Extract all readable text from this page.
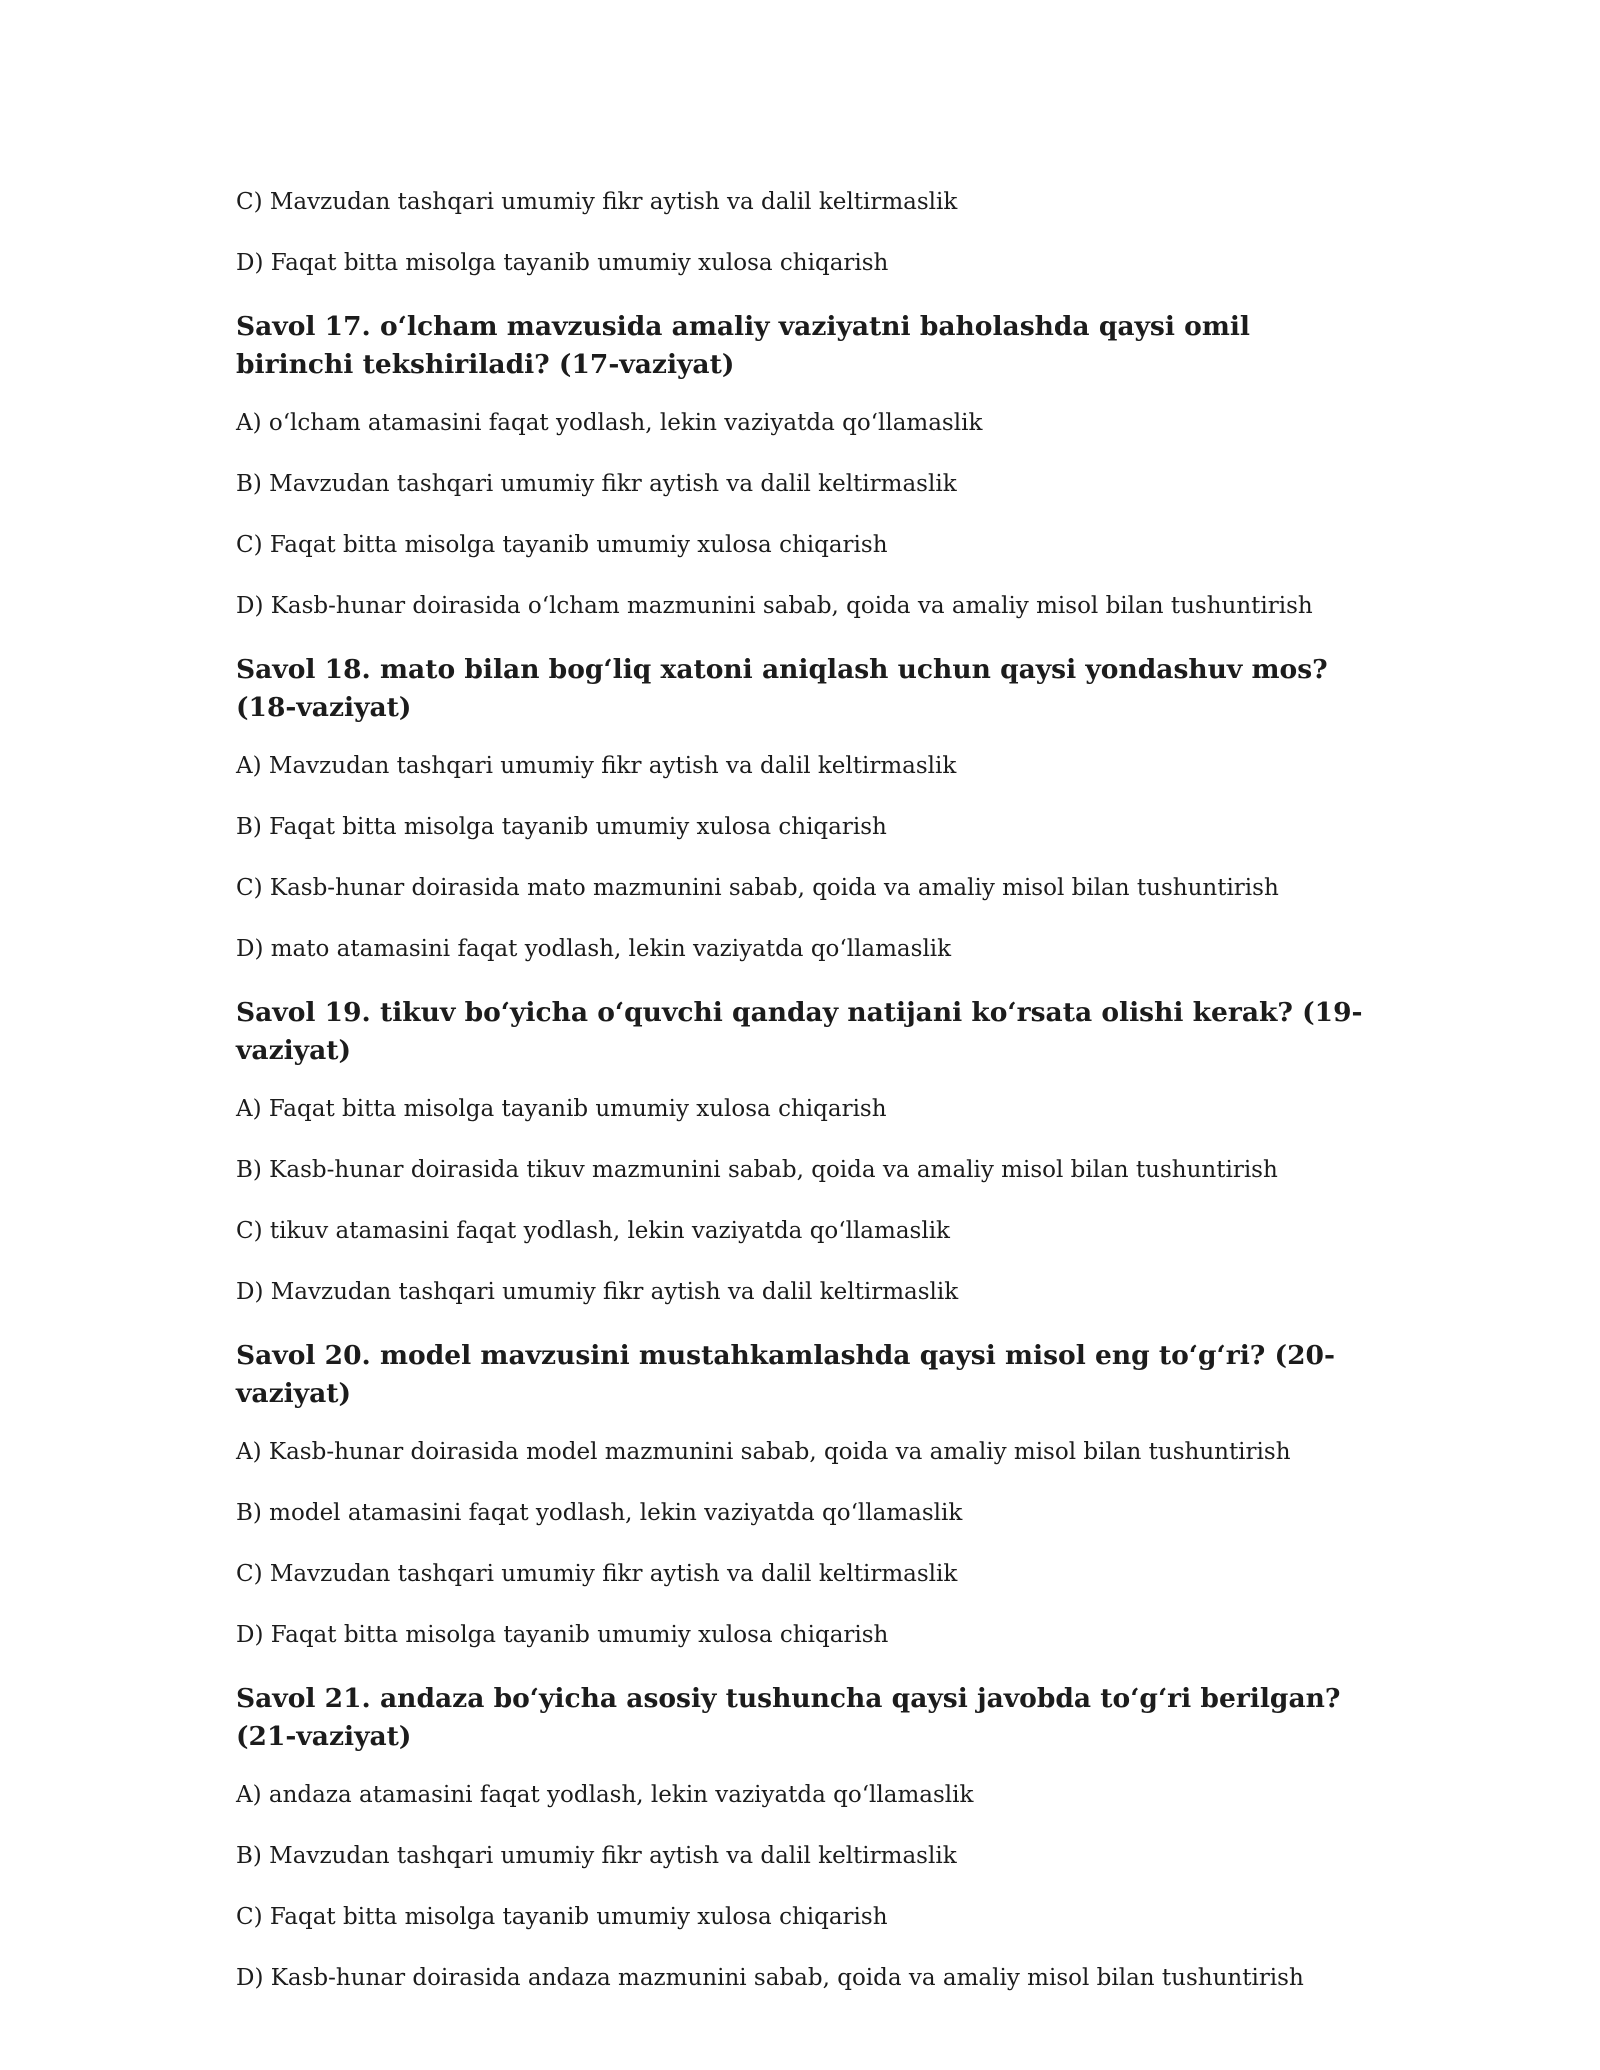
C) Mavzudan tashqari umumiy fikr aytish va dalil keltirmaslik

D) Faqat bitta misolga tayanib umumiy xulosa chiqarish

Savol 17. o‘lcham mavzusida amaliy vaziyatni baholashda qaysi omil birinchi tekshiriladi? (17-vaziyat)

A) o‘lcham atamasini faqat yodlash, lekin vaziyatda qo‘llamaslik

B) Mavzudan tashqari umumiy fikr aytish va dalil keltirmaslik

C) Faqat bitta misolga tayanib umumiy xulosa chiqarish

D) Kasb-hunar doirasida o‘lcham mazmunini sabab, qoida va amaliy misol bilan tushuntirish

Savol 18. mato bilan bog‘liq xatoni aniqlash uchun qaysi yondashuv mos? (18-vaziyat)

A) Mavzudan tashqari umumiy fikr aytish va dalil keltirmaslik

B) Faqat bitta misolga tayanib umumiy xulosa chiqarish

C) Kasb-hunar doirasida mato mazmunini sabab, qoida va amaliy misol bilan tushuntirish

D) mato atamasini faqat yodlash, lekin vaziyatda qo‘llamaslik

Savol 19. tikuv bo‘yicha o‘quvchi qanday natijani ko‘rsata olishi kerak? (19-vaziyat)

A) Faqat bitta misolga tayanib umumiy xulosa chiqarish

B) Kasb-hunar doirasida tikuv mazmunini sabab, qoida va amaliy misol bilan tushuntirish

C) tikuv atamasini faqat yodlash, lekin vaziyatda qo‘llamaslik

D) Mavzudan tashqari umumiy fikr aytish va dalil keltirmaslik

Savol 20. model mavzusini mustahkamlashda qaysi misol eng to‘g‘ri? (20-vaziyat)

A) Kasb-hunar doirasida model mazmunini sabab, qoida va amaliy misol bilan tushuntirish

B) model atamasini faqat yodlash, lekin vaziyatda qo‘llamaslik

C) Mavzudan tashqari umumiy fikr aytish va dalil keltirmaslik

D) Faqat bitta misolga tayanib umumiy xulosa chiqarish

Savol 21. andaza bo‘yicha asosiy tushuncha qaysi javobda to‘g‘ri berilgan? (21-vaziyat)

A) andaza atamasini faqat yodlash, lekin vaziyatda qo‘llamaslik

B) Mavzudan tashqari umumiy fikr aytish va dalil keltirmaslik

C) Faqat bitta misolga tayanib umumiy xulosa chiqarish

D) Kasb-hunar doirasida andaza mazmunini sabab, qoida va amaliy misol bilan tushuntirish
